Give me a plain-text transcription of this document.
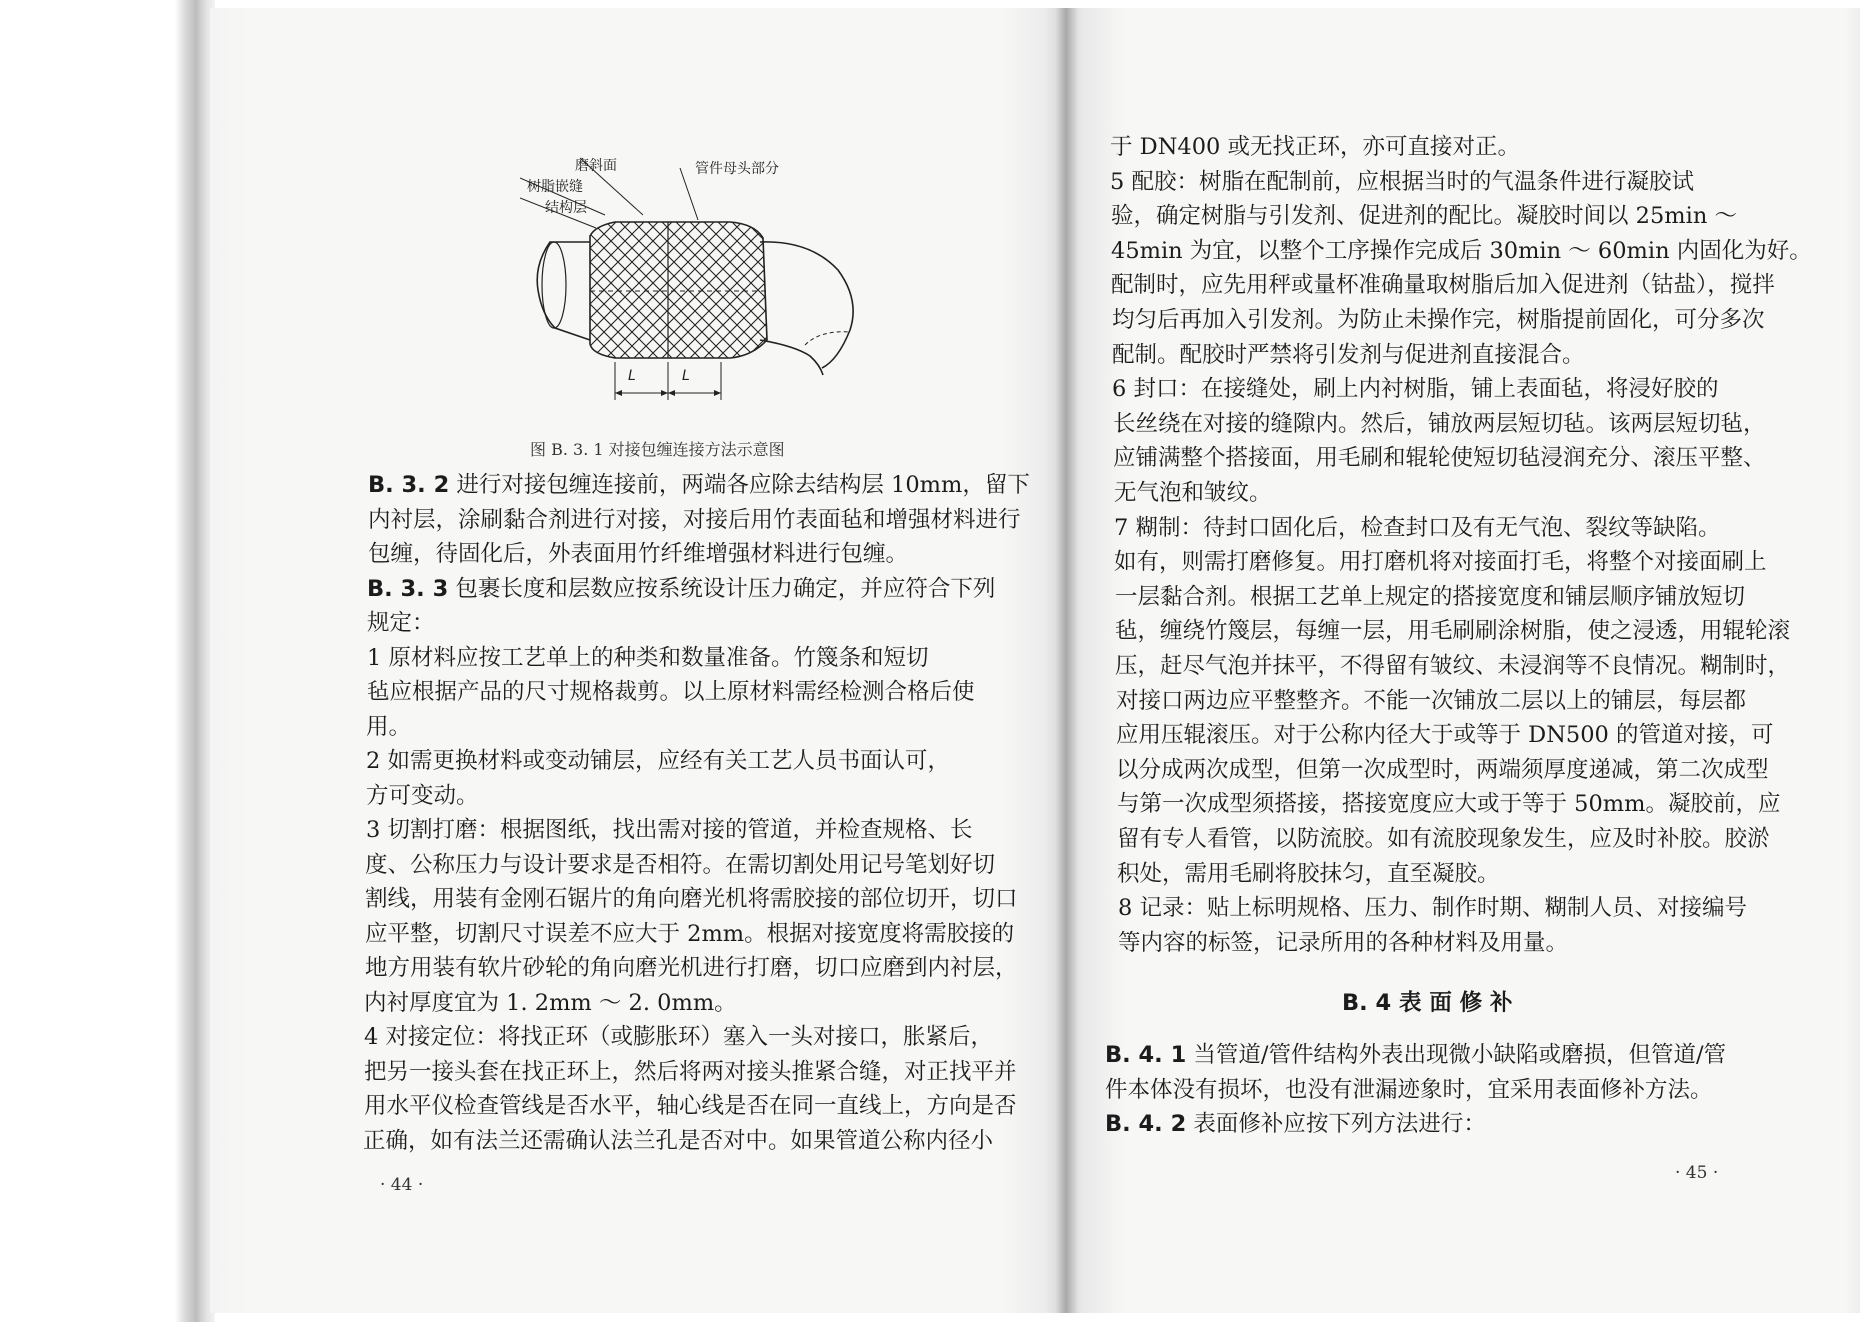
磨斜面
树脂嵌缝
结构层
管件母头部分
L	L
图 B. 3. 1 对接包缠连接方法示意图
B. 3. 2 进行对接包缠连接前，两端各应除去结构层 10mm，留下
内衬层，涂刷黏合剂进行对接，对接后用竹表面毡和增强材料进行
包缠，待固化后，外表面用竹纤维增强材料进行包缠。
B. 3. 3 包裹长度和层数应按系统设计压力确定，并应符合下列
规定：
1 原材料应按工艺单上的种类和数量准备。竹篾条和短切
毡应根据产品的尺寸规格裁剪。以上原材料需经检测合格后使
用。
2 如需更换材料或变动铺层，应经有关工艺人员书面认可，
方可变动。
3 切割打磨：根据图纸，找出需对接的管道，并检查规格、长
度、公称压力与设计要求是否相符。在需切割处用记号笔划好切
割线，用装有金刚石锯片的角向磨光机将需胶接的部位切开，切口
应平整，切割尺寸误差不应大于 2mm。根据对接宽度将需胶接的
地方用装有软片砂轮的角向磨光机进行打磨，切口应磨到内衬层，
内衬厚度宜为 1. 2mm ～ 2. 0mm。
4 对接定位：将找正环（或膨胀环）塞入一头对接口，胀紧后，
把另一接头套在找正环上，然后将两对接头推紧合缝，对正找平并
用水平仪检查管线是否水平，轴心线是否在同一直线上，方向是否
正确，如有法兰还需确认法兰孔是否对中。如果管道公称内径小
· 44 ·
于 DN400 或无找正环，亦可直接对正。
5 配胶：树脂在配制前，应根据当时的气温条件进行凝胶试
验，确定树脂与引发剂、促进剂的配比。凝胶时间以 25min ～
45min 为宜，以整个工序操作完成后 30min ～ 60min 内固化为好。
配制时，应先用秤或量杯准确量取树脂后加入促进剂（钴盐），搅拌
均匀后再加入引发剂。为防止未操作完，树脂提前固化，可分多次
配制。配胶时严禁将引发剂与促进剂直接混合。
6 封口：在接缝处，刷上内衬树脂，铺上表面毡，将浸好胶的
长丝绕在对接的缝隙内。然后，铺放两层短切毡。该两层短切毡，
应铺满整个搭接面，用毛刷和辊轮使短切毡浸润充分、滚压平整、
无气泡和皱纹。
7 糊制：待封口固化后，检查封口及有无气泡、裂纹等缺陷。
如有，则需打磨修复。用打磨机将对接面打毛，将整个对接面刷上
一层黏合剂。根据工艺单上规定的搭接宽度和铺层顺序铺放短切
毡，缠绕竹篾层，每缠一层，用毛刷刷涂树脂，使之浸透，用辊轮滚
压，赶尽气泡并抹平，不得留有皱纹、未浸润等不良情况。糊制时，
对接口两边应平整整齐。不能一次铺放二层以上的铺层，每层都
应用压辊滚压。对于公称内径大于或等于 DN500 的管道对接，可
以分成两次成型，但第一次成型时，两端须厚度递减，第二次成型
与第一次成型须搭接，搭接宽度应大或于等于 50mm。凝胶前，应
留有专人看管，以防流胶。如有流胶现象发生，应及时补胶。胶淤
积处，需用毛刷将胶抹匀，直至凝胶。
8 记录：贴上标明规格、压力、制作时期、糊制人员、对接编号
等内容的标签，记录所用的各种材料及用量。
B. 4 表 面 修 补
B. 4. 1 当管道/管件结构外表出现微小缺陷或磨损，但管道/管
件本体没有损坏，也没有泄漏迹象时，宜采用表面修补方法。
B. 4. 2 表面修补应按下列方法进行：
· 45 ·
